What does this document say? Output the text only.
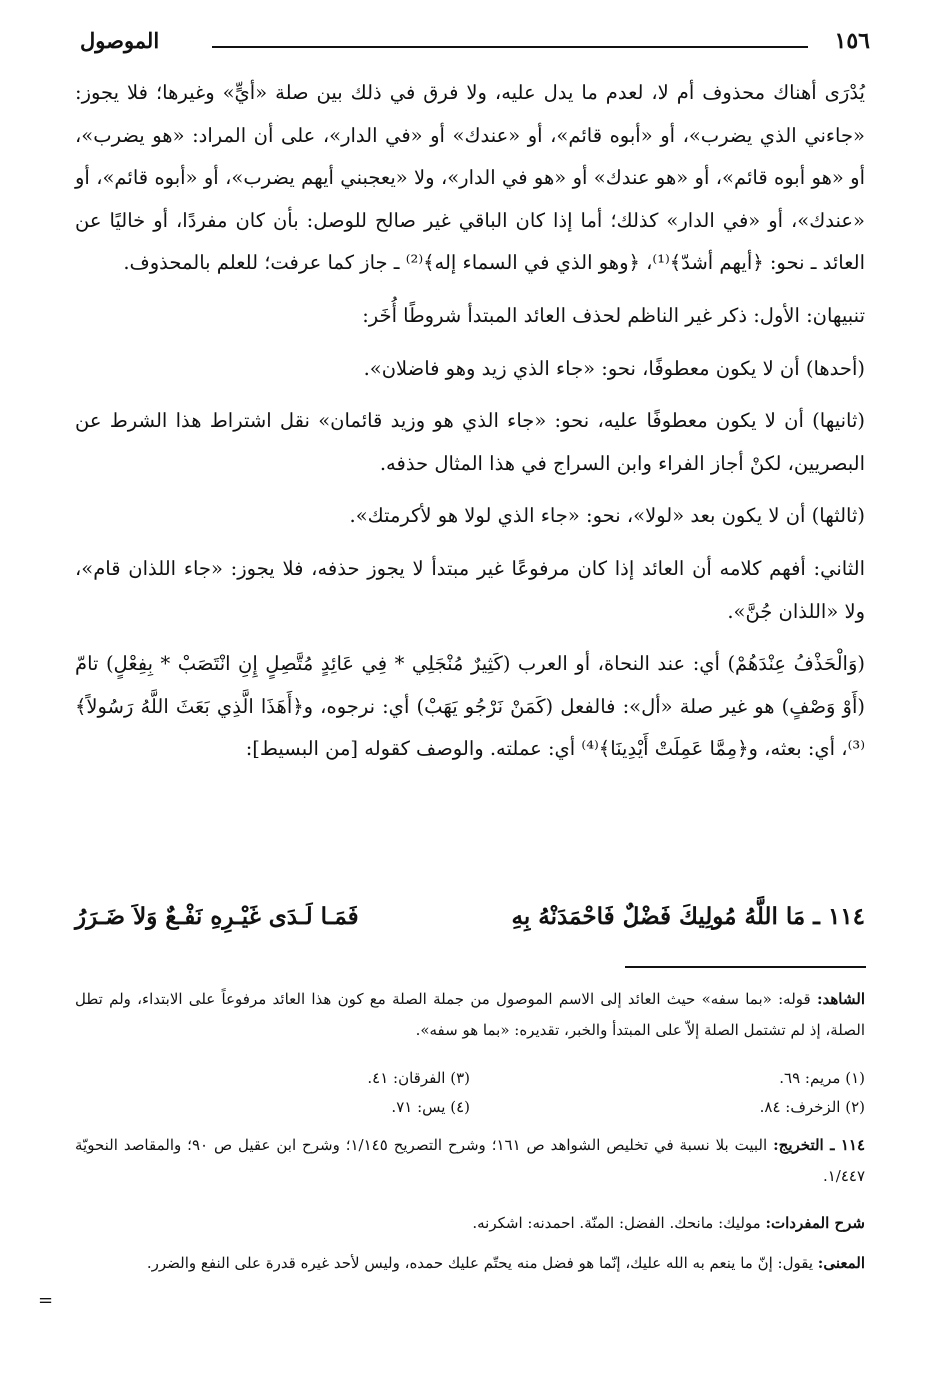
١٥٦
الموصول

يُدْرَى أهناك محذوف أم لا، لعدم ما يدل عليه، ولا فرق في ذلك بين صلة «أيٍّ» وغيرها؛ فلا يجوز: «جاءني الذي يضرب»، أو «أبوه قائم»، أو «عندك» أو «في الدار»، على أن المراد: «هو يضرب»، أو «هو أبوه قائم»، أو «هو عندك» أو «هو في الدار»، ولا «يعجبني أيهم يضرب»، أو «أبوه قائم»، أو «عندك»، أو «في الدار» كذلك؛ أما إذا كان الباقي غير صالح للوصل: بأن كان مفردًا، أو خاليًا عن العائد ـ نحو: ﴿أيهم أشدّ﴾⁽¹⁾، ﴿وهو الذي في السماء إله﴾⁽²⁾ ـ جاز كما عرفت؛ للعلم بالمحذوف.

تنبيهان: الأول: ذكر غير الناظم لحذف العائد المبتدأ شروطًا أُخَر:

(أحدها) أن لا يكون معطوفًا، نحو: «جاء الذي زيد وهو فاضلان».

(ثانيها) أن لا يكون معطوفًا عليه، نحو: «جاء الذي هو وزيد قائمان» نقل اشتراط هذا الشرط عن البصريين، لكنْ أجاز الفراء وابن السراج في هذا المثال حذفه.

(ثالثها) أن لا يكون بعد «لولا»، نحو: «جاء الذي لولا هو لأكرمتك».

الثاني: أفهم كلامه أن العائد إذا كان مرفوعًا غير مبتدأ لا يجوز حذفه، فلا يجوز: «جاء اللذان قام»، ولا «اللذان جُنَّ».

(وَالْحَذْفُ عِنْدَهُمْ) أي: عند النحاة، أو العرب (كَثِيرٌ مُنْجَلِي * فِي عَائِدٍ مُتَّصِلٍ إِنِ انْتَصَبْ * بِفِعْلٍ) تامّ (أَوْ وَصْفٍ) هو غير صلة «أل»: فالفعل (كَمَنْ نَرْجُو يَهَبْ) أي: نرجوه، و﴿أَهَذَا الَّذِي بَعَثَ اللَّهُ رَسُولاً﴾⁽³⁾، أي: بعثه، و﴿مِمَّا عَمِلَتْ أَيْدِينَا﴾⁽⁴⁾ أي: عملته. والوصف كقوله [من البسيط]:

١١٤ ـ مَا اللَّهُ مُولِيكَ فَضْلٌ فَاحْمَدَنْهُ بِهِ
فَمَـا لَـدَى غَيْـرِهِ نَفْـعٌ وَلاَ ضَـرَرُ

الشاهد: قوله: «بما سفه» حيث العائد إلى الاسم الموصول من جملة الصلة مع كون هذا العائد مرفوعاً على الابتداء، ولم تطل الصلة، إذ لم تشتمل الصلة إلاّ على المبتدأ والخبر، تقديره: «بما هو سفه».

(١) مريم: ٦٩.
(٢) الزخرف: ٨٤.
(٣) الفرقان: ٤١.
(٤) يس: ٧١.

١١٤ ـ التخريج: البيت بلا نسبة في تخليص الشواهد ص ١٦١؛ وشرح التصريح ١/١٤٥؛ وشرح ابن عقيل ص ٩٠؛ والمقاصد النحويّة ١/٤٤٧.

شرح المفردات: موليك: مانحك. الفضل: المنّة. احمدنه: اشكرنه.

المعنى: يقول: إنّ ما ينعم به الله عليك، إنّما هو فضل منه يحتّم عليك حمده، وليس لأحد غيره قدرة على النفع والضرر.

=
